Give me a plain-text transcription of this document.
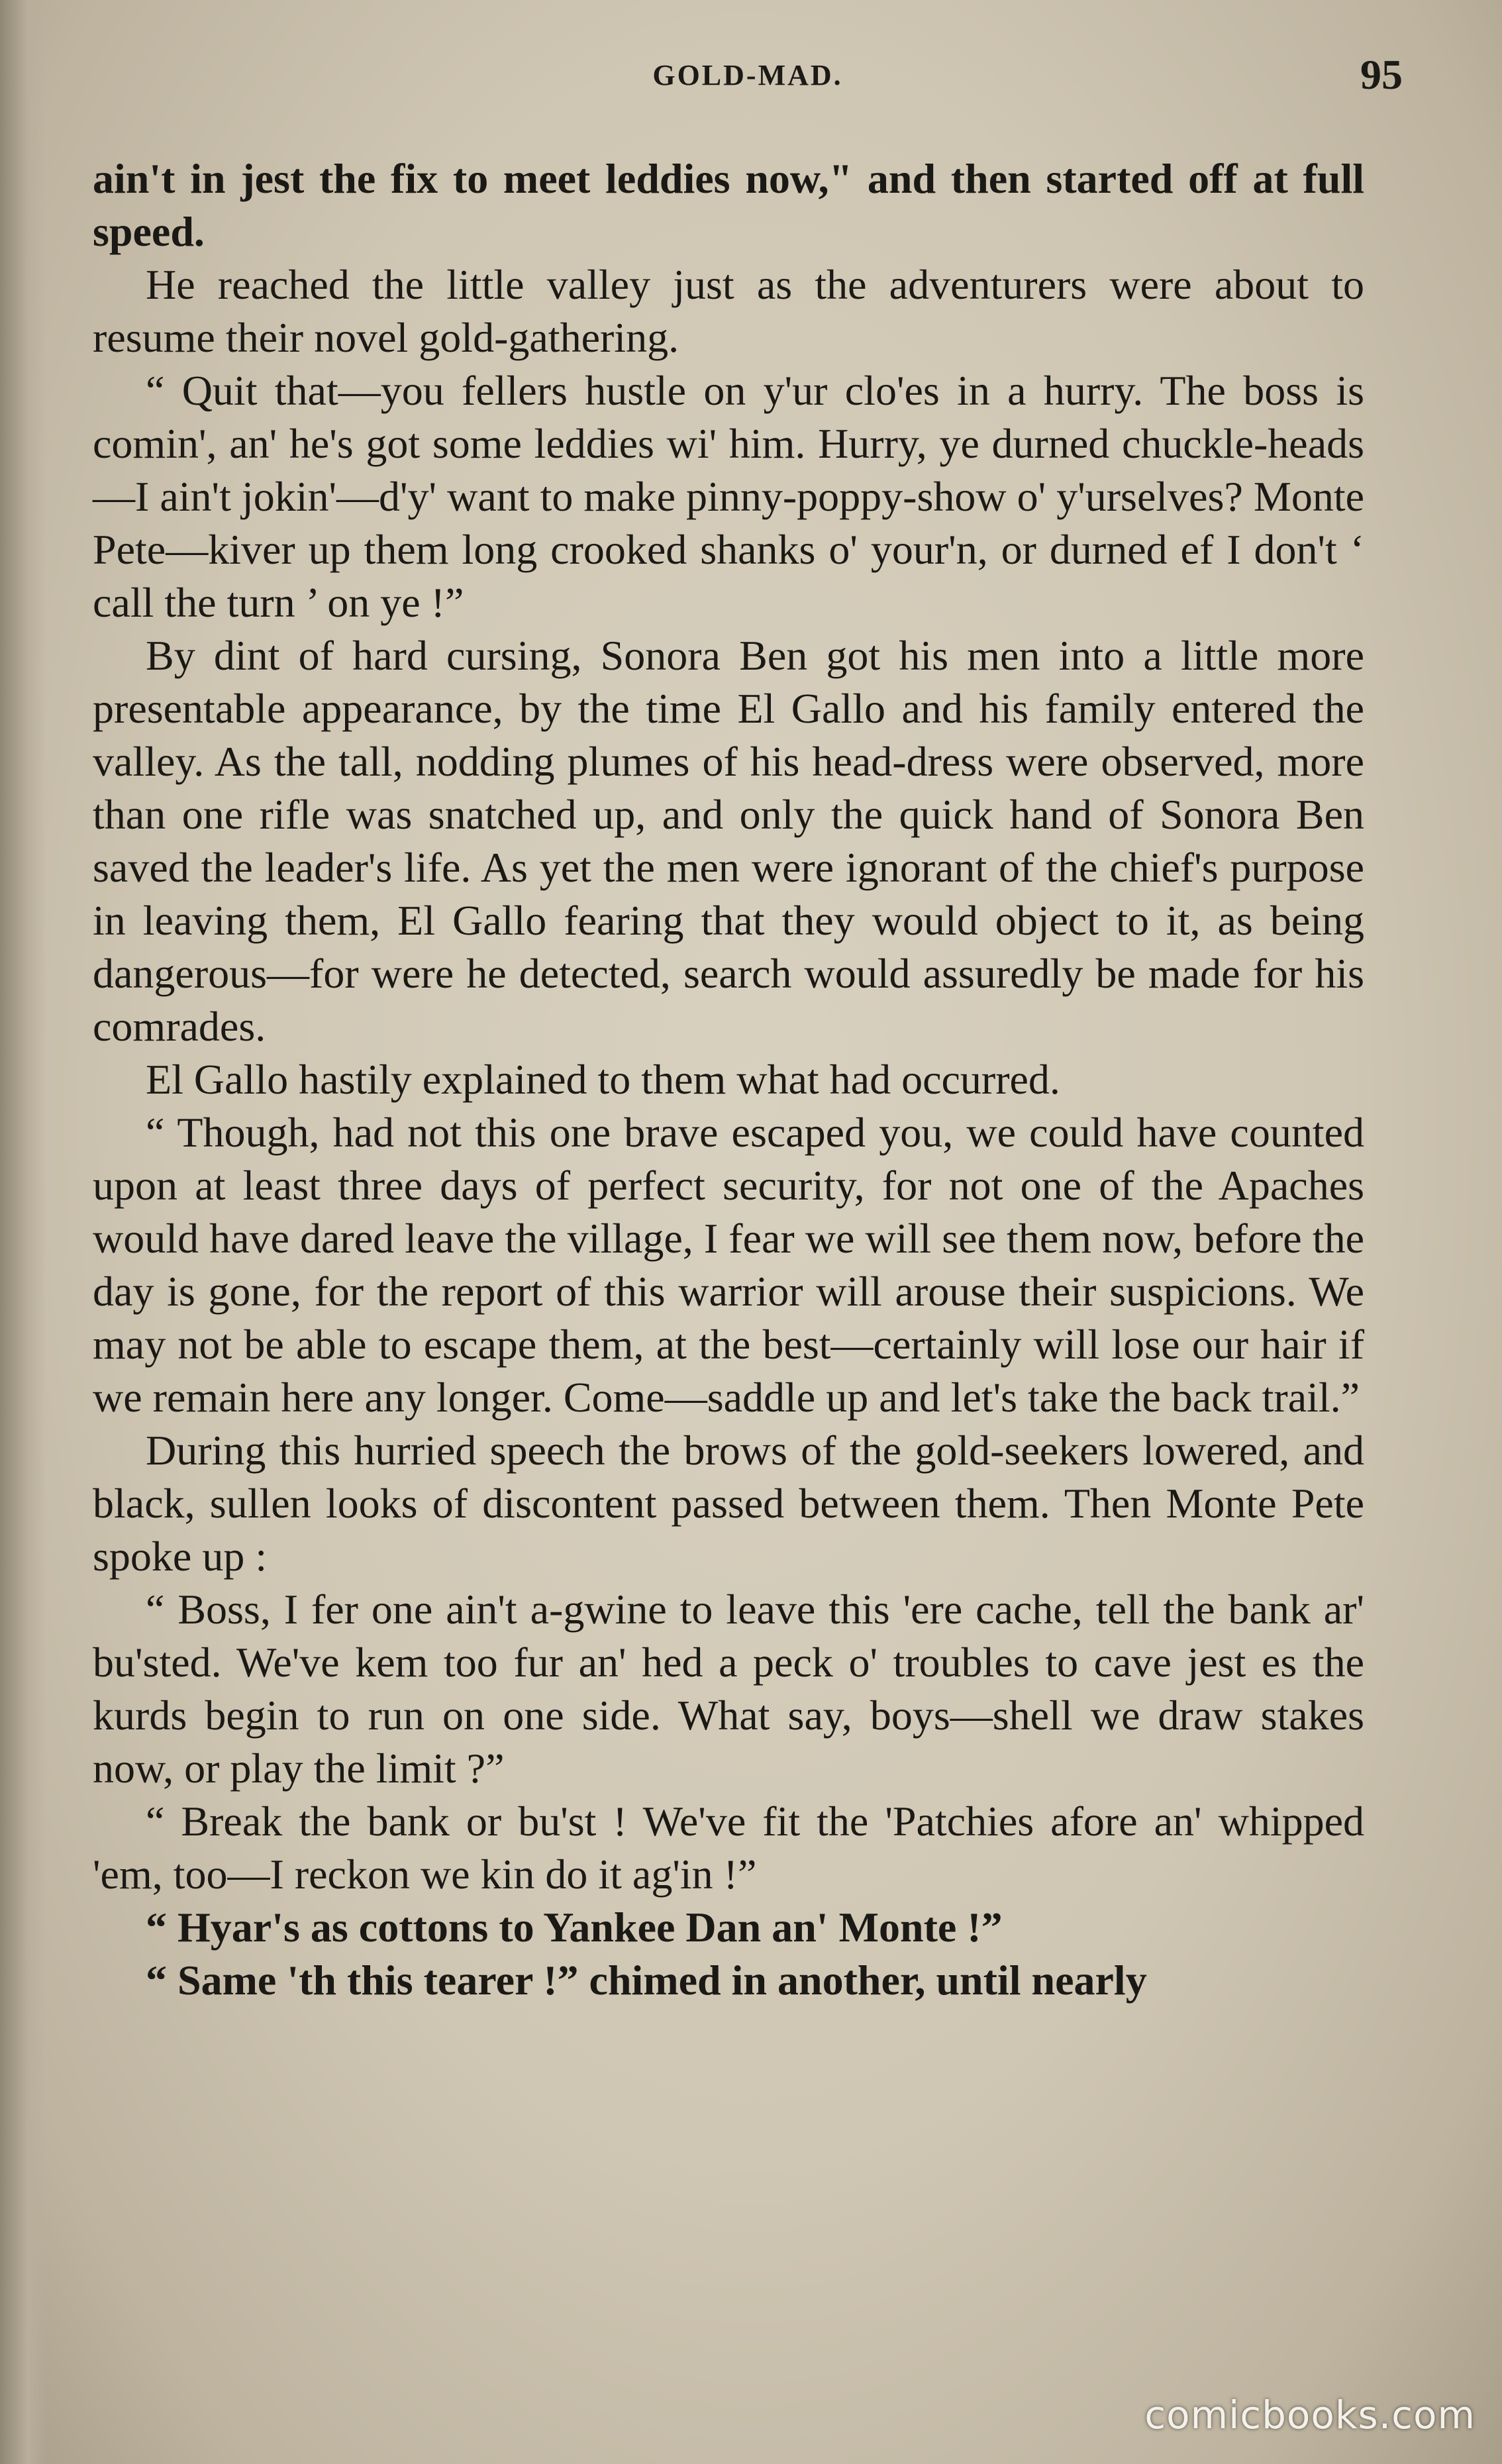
GOLD-MAD.	95

ain't in jest the fix to meet leddies now," and then started off at full speed.

He reached the little valley just as the adventurers were about to resume their novel gold-gathering.

“ Quit that—you fellers hustle on y'ur clo'es in a hurry. The boss is comin', an' he's got some leddies wi' him. Hurry, ye durned chuckle-heads—I ain't jokin'—d'y' want to make pinny-poppy-show o' y'urselves? Monte Pete—kiver up them long crooked shanks o' your'n, or durned ef I don't ‘ call the turn ’ on ye !”

By dint of hard cursing, Sonora Ben got his men into a little more presentable appearance, by the time El Gallo and his family entered the valley. As the tall, nodding plumes of his head-dress were observed, more than one rifle was snatched up, and only the quick hand of Sonora Ben saved the leader's life. As yet the men were ignorant of the chief's purpose in leaving them, El Gallo fearing that they would object to it, as being dangerous—for were he detected, search would assuredly be made for his comrades.

El Gallo hastily explained to them what had occurred.

“ Though, had not this one brave escaped you, we could have counted upon at least three days of perfect security, for not one of the Apaches would have dared leave the village, I fear we will see them now, before the day is gone, for the report of this warrior will arouse their suspicions. We may not be able to escape them, at the best—certainly will lose our hair if we remain here any longer. Come—saddle up and let's take the back trail.”

During this hurried speech the brows of the gold-seekers lowered, and black, sullen looks of discontent passed between them. Then Monte Pete spoke up :

“ Boss, I fer one ain't a-gwine to leave this 'ere cache, tell the bank ar' bu'sted. We've kem too fur an' hed a peck o' troubles to cave jest es the kurds begin to run on one side. What say, boys—shell we draw stakes now, or play the limit ?”

“ Break the bank or bu'st ! We've fit the 'Patchies afore an' whipped 'em, too—I reckon we kin do it ag'in !”

“ Hyar's as cottons to Yankee Dan an' Monte !”

“ Same 'th this tearer !” chimed in another, until nearly

comicbooks.com
